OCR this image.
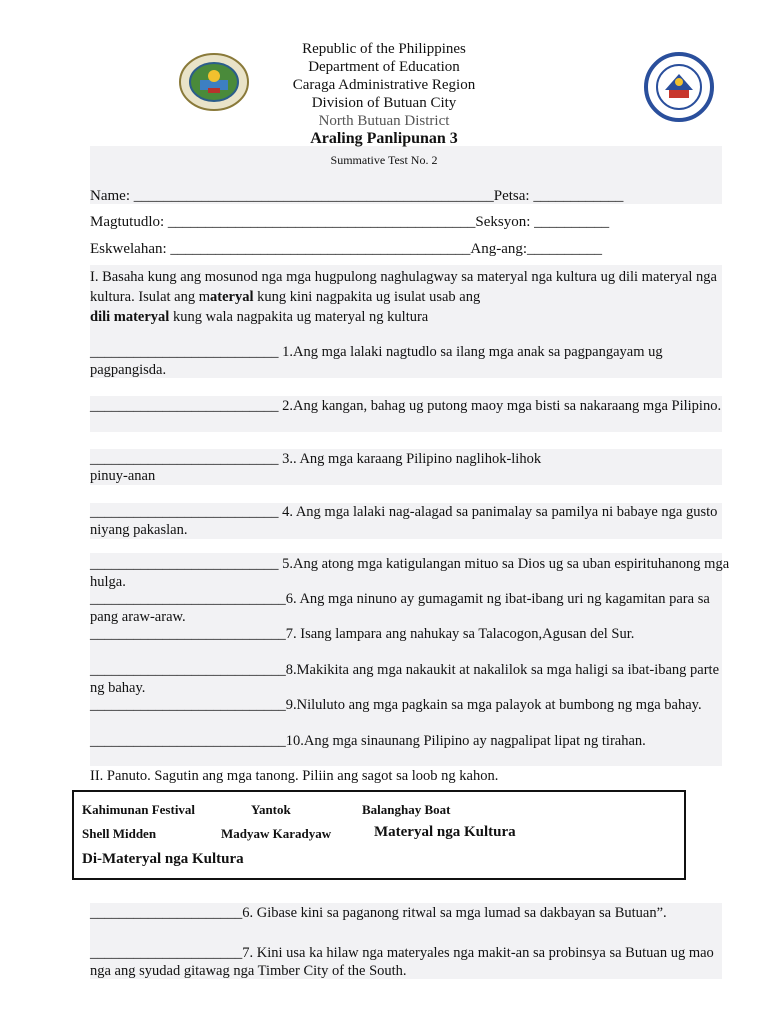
Republic of the Philippines
Department of Education
Caraga Administrative Region
Division of Butuan City
North Butuan District
Araling Panlipunan 3
Summative Test No. 2
Name: ________________________________________________Petsa: ____________
Magtutudlo: _________________________________________Seksyon: __________
Eskwelahan: ________________________________________Ang-ang:__________
I. Basaha kung ang mosunod nga mga hugpulong naghulagway sa materyal nga kultura ug dili materyal nga kultura. Isulat ang materyal kung kini nagpakita ug isulat usab ang
dili materyal kung wala nagpakita ug materyal ng kultura
__________________________ 1.Ang mga lalaki nagtudlo sa ilang mga anak sa pagpangayam ug pagpangisda.
__________________________ 2.Ang kangan, bahag ug putong maoy mga bisti sa nakaraang mga Pilipino.
__________________________ 3.. Ang mga karaang Pilipino naglihok-lihok
pinuy-anan
__________________________ 4. Ang mga lalaki nag-alagad sa panimalay sa pamilya ni babaye nga gusto niyang pakaslan.
__________________________ 5.Ang atong mga katigulangan mituo sa Dios ug sa uban espirituhanong mga hulga.
___________________________6. Ang mga ninuno ay gumagamit ng ibat-ibang uri ng kagamitan para sa pang araw-araw.
___________________________7. Isang lampara ang nahukay sa Talacogon,Agusan del Sur.
___________________________8.Makikita ang mga nakaukit at nakalilok sa mga haligi sa ibat-ibang parte ng bahay.
___________________________9.Niluluto ang mga pagkain sa mga palayok at bumbong ng mga bahay.
___________________________10.Ang mga sinaunang Pilipino ay nagpalipat lipat ng tirahan.
II. Panuto. Sagutin ang mga tanong. Piliin ang sagot sa loob ng kahon.
Kahimunan Festival	Yantok	Balanghay Boat
Shell Midden	Madyaw Karadyaw	Materyal nga Kultura
Di-Materyal nga Kultura
_____________________6. Gibase kini sa paganong ritwal sa mga lumad sa dakbayan sa Butuan”.
_____________________7. Kini usa ka hilaw nga materyales nga makit-an sa probinsya sa Butuan ug mao nga ang syudad gitawag nga Timber City of the South.
